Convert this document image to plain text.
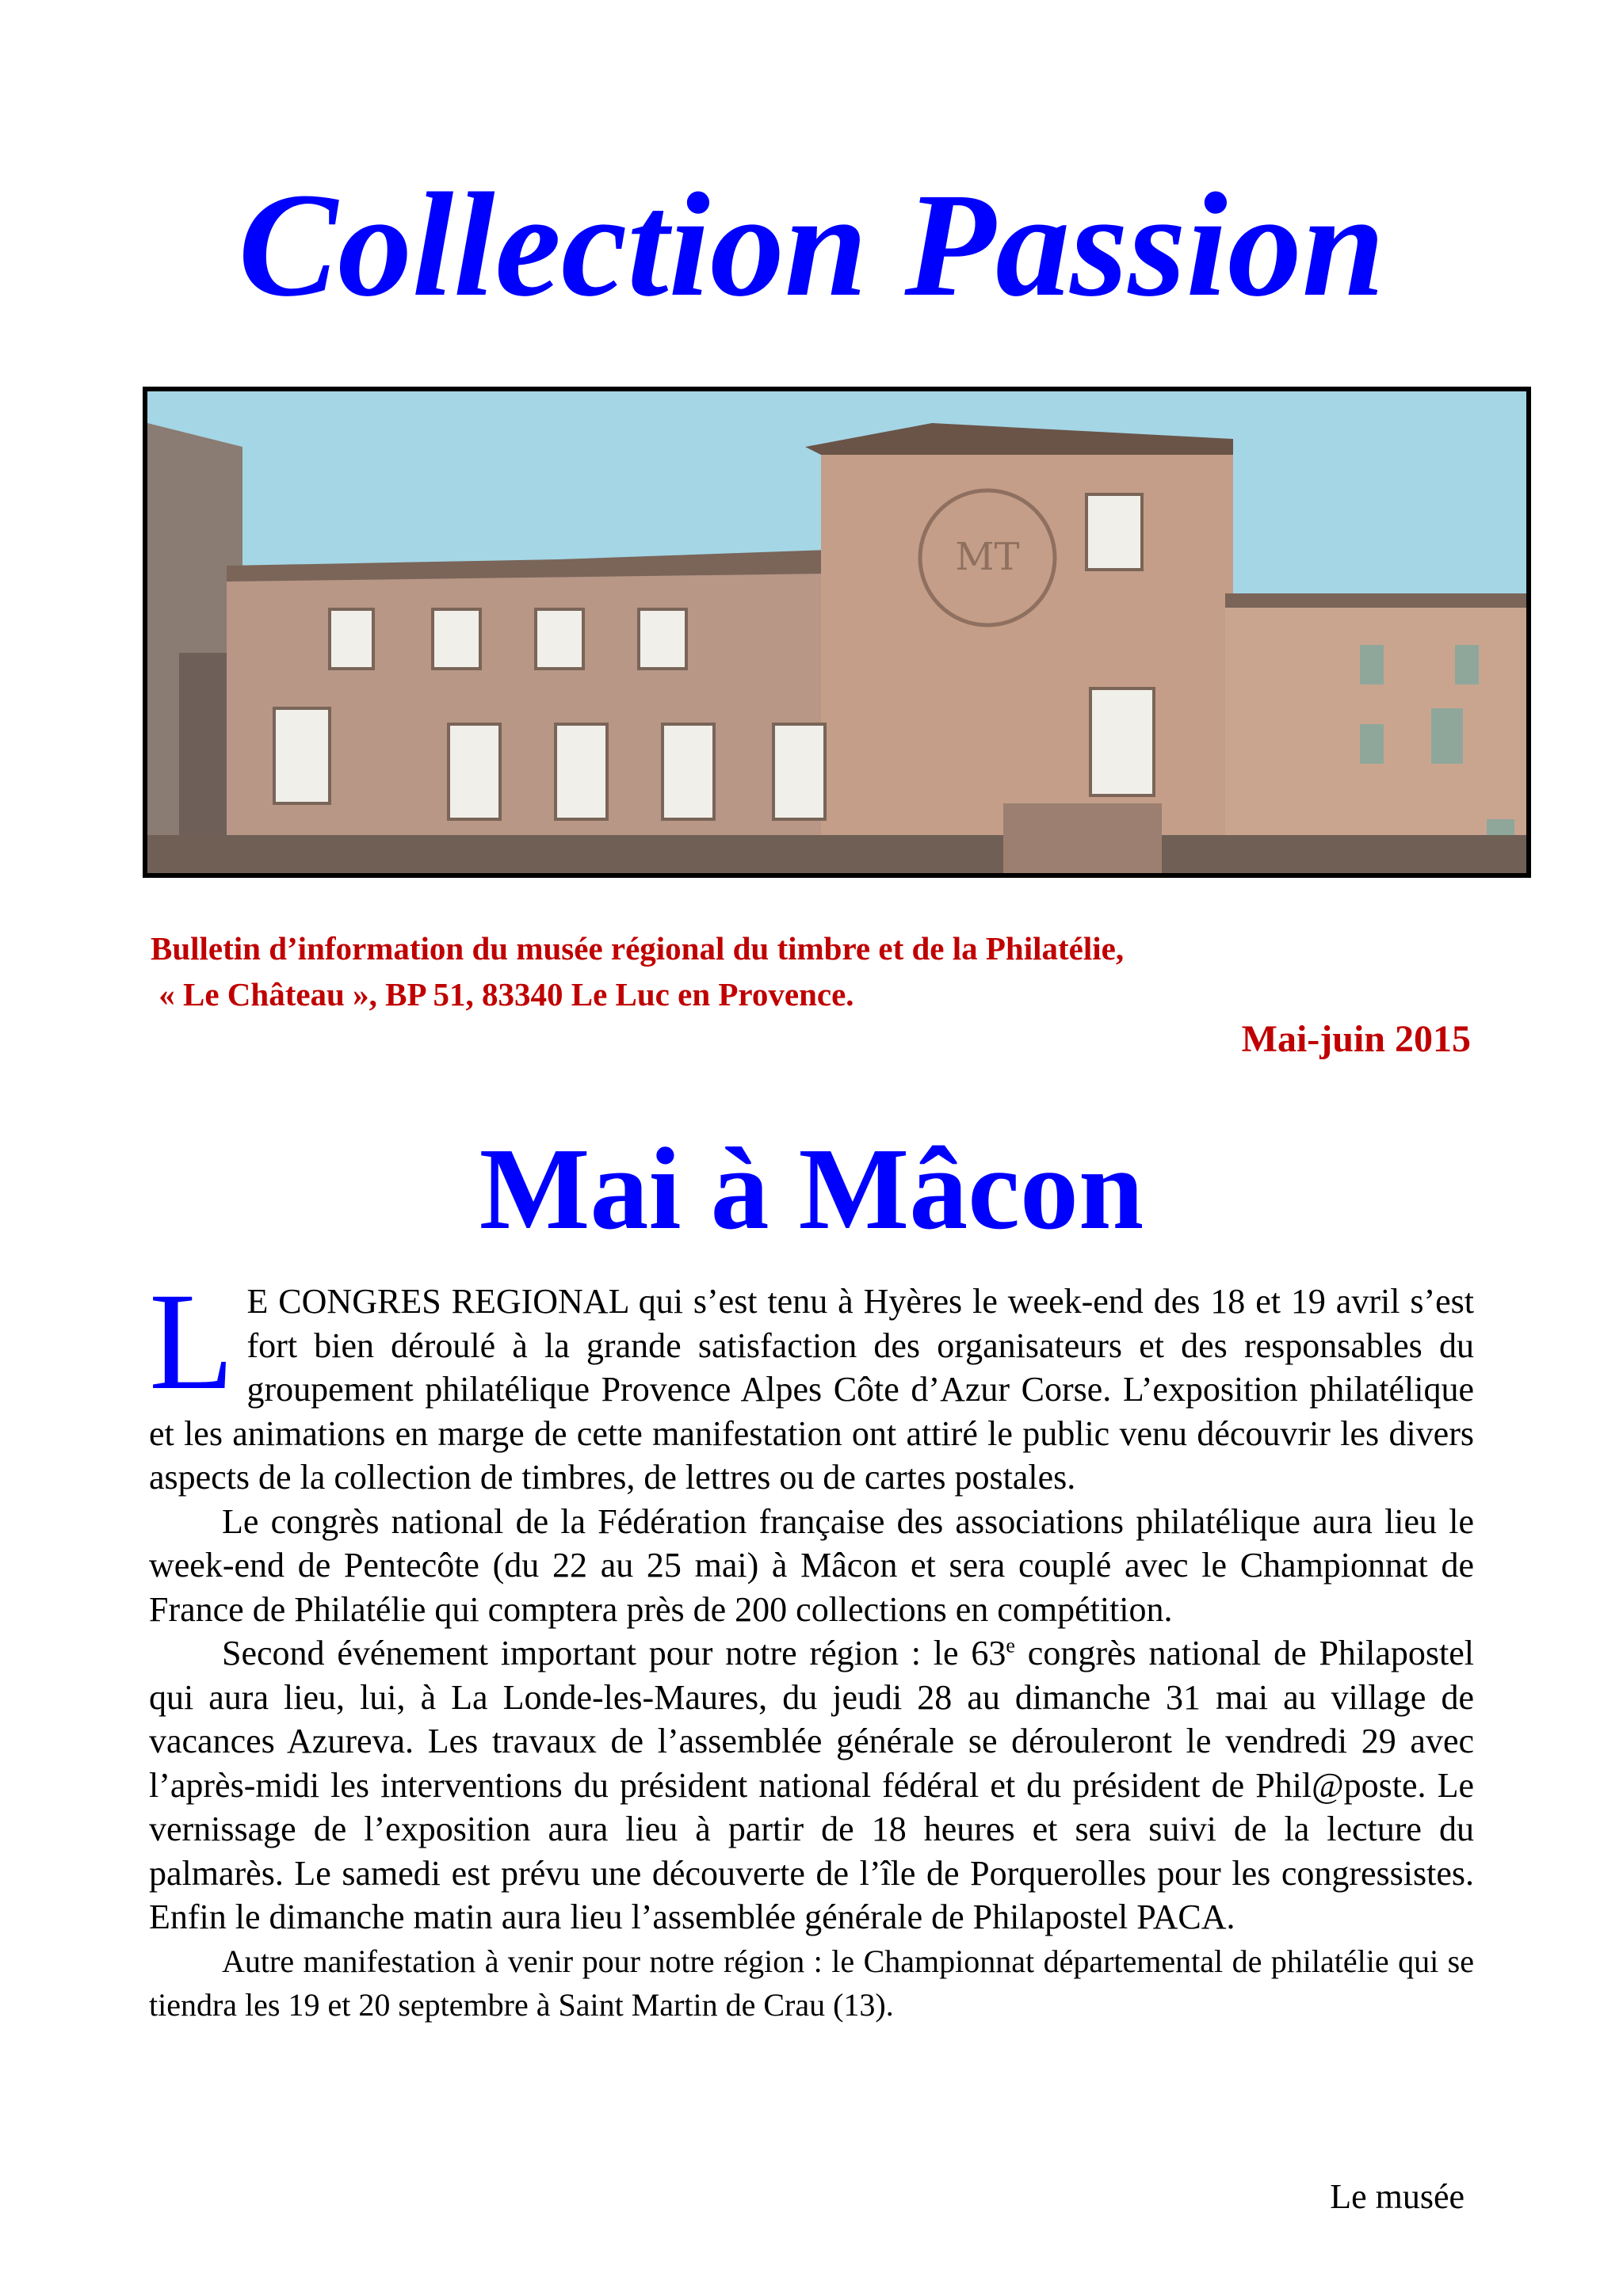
Collection Passion
MT
Bulletin d’information du musée régional du timbre et de la Philatélie,
« Le Château », BP 51, 83340 Le Luc en Provence.
Mai-juin 2015
Mai à Mâcon

L E CONGRES REGIONAL qui s’est tenu à Hyères le week-end des 18 et 19 avril s’est fort bien déroulé à la grande satisfaction des organisateurs et des responsables du groupement philatélique Provence Alpes Côte d’Azur Corse. L’exposition philatélique et les animations en marge de cette manifestation ont attiré le public venu découvrir les divers aspects de la collection de timbres, de lettres ou de cartes postales.

Le congrès national de la Fédération française des associations philatélique aura lieu le week-end de Pentecôte (du 22 au 25 mai) à Mâcon et sera couplé avec le Championnat de France de Philatélie qui comptera près de 200 collections en compétition.

Second événement important pour notre région : le 63e congrès national de Philapostel qui aura lieu, lui, à La Londe-les-Maures, du jeudi 28 au dimanche 31 mai au village de vacances Azureva. Les travaux de l’assemblée générale se dérouleront le vendredi 29 avec l’après-midi les interventions du président national fédéral et du président de Phil@poste. Le vernissage de l’exposition aura lieu à partir de 18 heures et sera suivi de la lecture du palmarès. Le samedi est prévu une découverte de l’île de Porquerolles pour les congressistes. Enfin le dimanche matin aura lieu l’assemblée générale de Philapostel PACA.

Autre manifestation à venir pour notre région : le Championnat départemental de philatélie qui se tiendra les 19 et 20 septembre à Saint Martin de Crau (13).

Le musée
